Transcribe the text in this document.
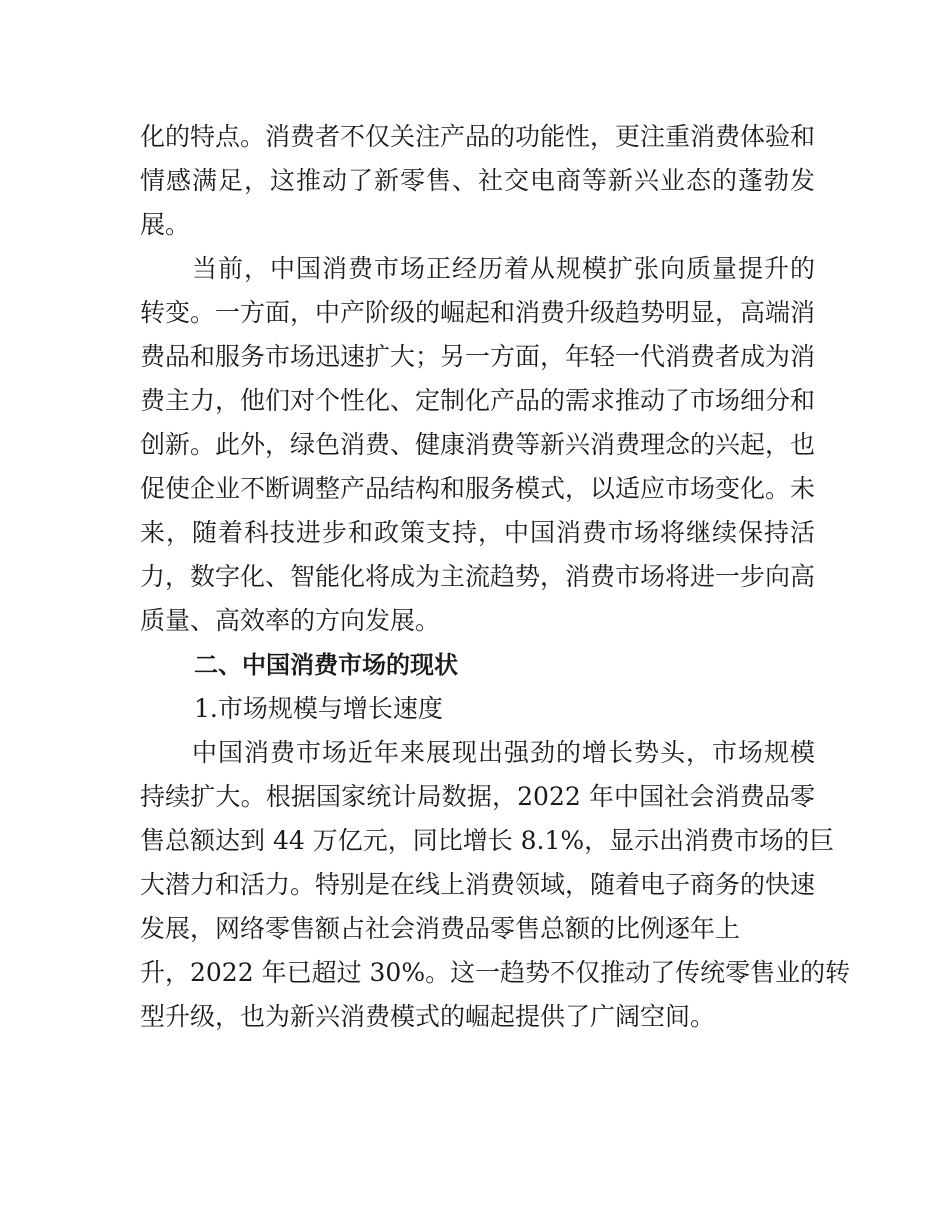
化的特点。消费者不仅关注产品的功能性，更注重消费体验和
情感满足，这推动了新零售、社交电商等新兴业态的蓬勃发
展。
　　当前，中国消费市场正经历着从规模扩张向质量提升的
转变。一方面，中产阶级的崛起和消费升级趋势明显，高端消
费品和服务市场迅速扩大；另一方面，年轻一代消费者成为消
费主力，他们对个性化、定制化产品的需求推动了市场细分和
创新。此外，绿色消费、健康消费等新兴消费理念的兴起，也
促使企业不断调整产品结构和服务模式，以适应市场变化。未
来，随着科技进步和政策支持，中国消费市场将继续保持活
力，数字化、智能化将成为主流趋势，消费市场将进一步向高
质量、高效率的方向发展。
二、中国消费市场的现状
1.市场规模与增长速度
　　中国消费市场近年来展现出强劲的增长势头，市场规模
持续扩大。根据国家统计局数据，2022 年中国社会消费品零
售总额达到 44 万亿元，同比增长 8.1%，显示出消费市场的巨
大潜力和活力。特别是在线上消费领域，随着电子商务的快速
发展，网络零售额占社会消费品零售总额的比例逐年上
升，2022 年已超过 30%。这一趋势不仅推动了传统零售业的转
型升级，也为新兴消费模式的崛起提供了广阔空间。
